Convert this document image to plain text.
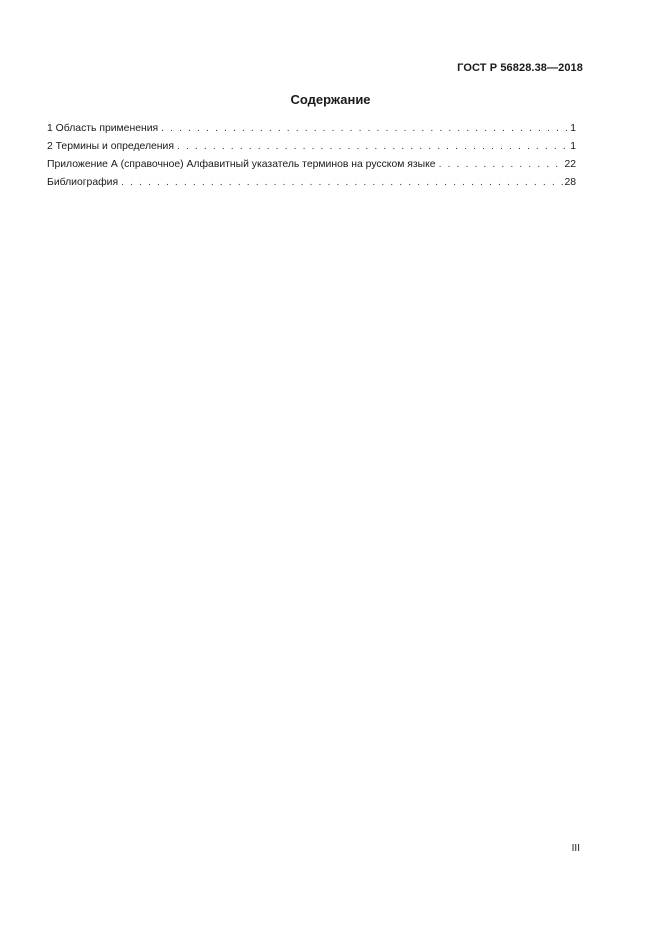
ГОСТ Р 56828.38—2018
Содержание
1 Область применения . . .	1
2 Термины и определения . . .	1
Приложение А (справочное) Алфавитный указатель терминов на русском языке . . .	22
Библиография . . .	28
III
